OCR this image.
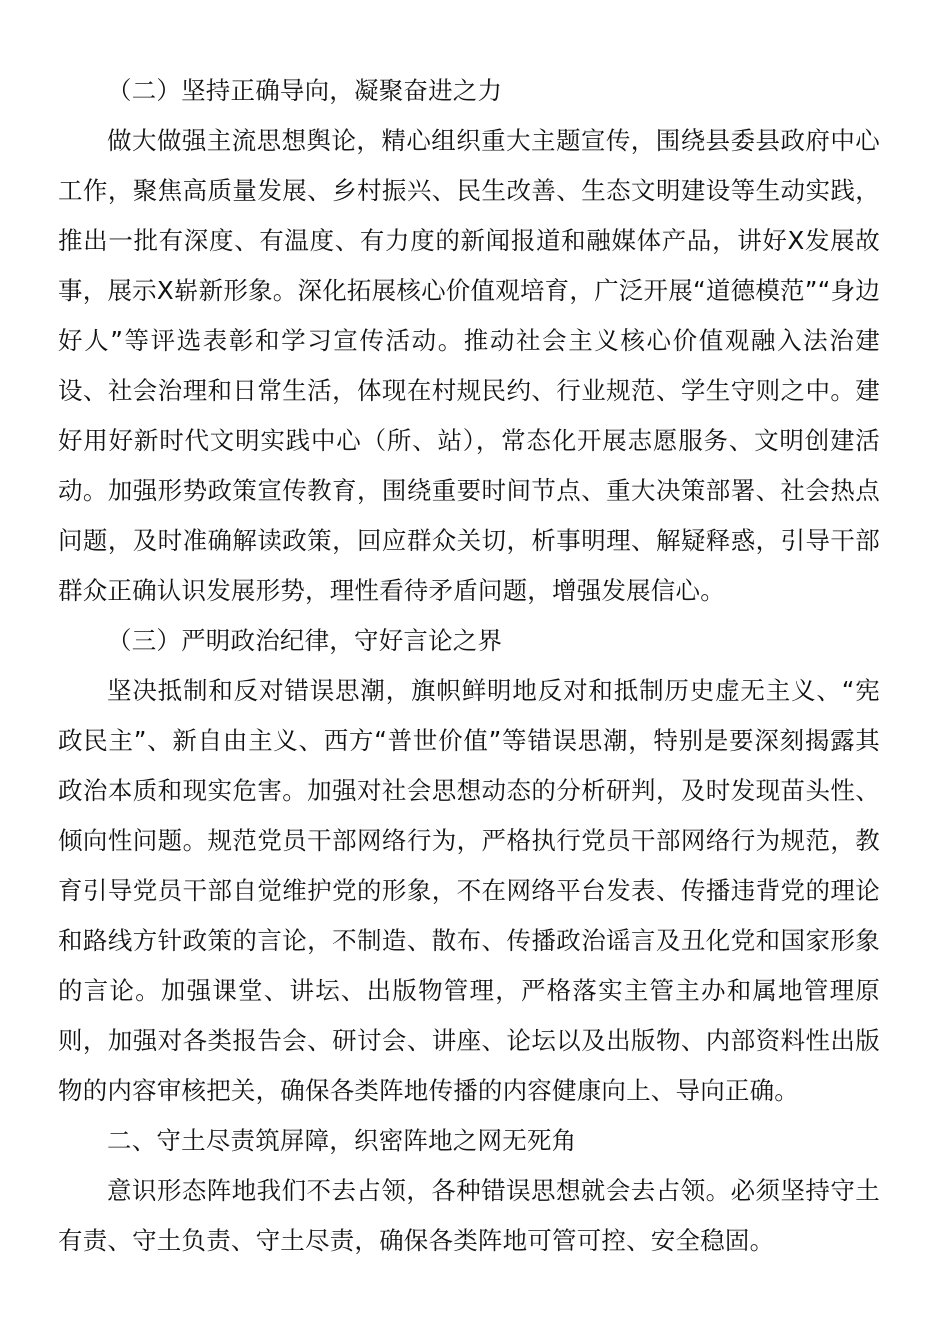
（二）坚持正确导向，凝聚奋进之力

做大做强主流思想舆论，精心组织重大主题宣传，围绕县委县政府中心工作，聚焦高质量发展、乡村振兴、民生改善、生态文明建设等生动实践，推出一批有深度、有温度、有力度的新闻报道和融媒体产品，讲好X发展故事，展示X崭新形象。深化拓展核心价值观培育，广泛开展“道德模范”“身边好人”等评选表彰和学习宣传活动。推动社会主义核心价值观融入法治建设、社会治理和日常生活，体现在村规民约、行业规范、学生守则之中。建好用好新时代文明实践中心（所、站），常态化开展志愿服务、文明创建活动。加强形势政策宣传教育，围绕重要时间节点、重大决策部署、社会热点问题，及时准确解读政策，回应群众关切，析事明理、解疑释惑，引导干部群众正确认识发展形势，理性看待矛盾问题，增强发展信心。

（三）严明政治纪律，守好言论之界

坚决抵制和反对错误思潮，旗帜鲜明地反对和抵制历史虚无主义、“宪政民主”、新自由主义、西方“普世价值”等错误思潮，特别是要深刻揭露其政治本质和现实危害。加强对社会思想动态的分析研判，及时发现苗头性、倾向性问题。规范党员干部网络行为，严格执行党员干部网络行为规范，教育引导党员干部自觉维护党的形象，不在网络平台发表、传播违背党的理论和路线方针政策的言论，不制造、散布、传播政治谣言及丑化党和国家形象的言论。加强课堂、讲坛、出版物管理，严格落实主管主办和属地管理原则，加强对各类报告会、研讨会、讲座、论坛以及出版物、内部资料性出版物的内容审核把关，确保各类阵地传播的内容健康向上、导向正确。

二、守土尽责筑屏障，织密阵地之网无死角

意识形态阵地我们不去占领，各种错误思想就会去占领。必须坚持守土有责、守土负责、守土尽责，确保各类阵地可管可控、安全稳固。
